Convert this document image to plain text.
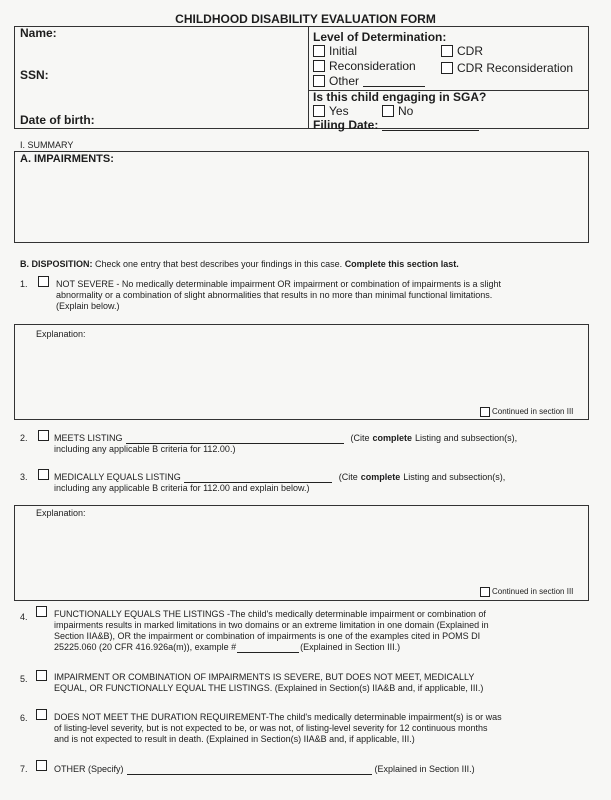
CHILDHOOD DISABILITY EVALUATION FORM
Name:
SSN:
Date of birth:
Level of Determination:
Initial	CDR
Reconsideration	CDR Reconsideration
Other
Is this child engaging in SGA?
Yes	No
Filing Date:
I. SUMMARY
A. IMPAIRMENTS:
B. DISPOSITION: Check one entry that best describes your findings in this case. Complete this section last.
1.	NOT SEVERE - No medically determinable impairment OR impairment or combination of impairments is a slight
abnormality or a combination of slight abnormalities that results in no more than minimal functional limitations.
(Explain below.)
Explanation:
Continued in section III
2.	MEETS LISTING	(Cite complete Listing and subsection(s),
including any applicable B criteria for 112.00.)
3.	MEDICALLY EQUALS LISTING	(Cite complete Listing and subsection(s),
including any applicable B criteria for 112.00 and explain below.)
Explanation:
Continued in section III
4.	FUNCTIONALLY EQUALS THE LISTINGS -The child's medically determinable impairment or combination of
impairments results in marked limitations in two domains or an extreme limitation in one domain (Explained in
Section IIA&B), OR the impairment or combination of impairments is one of the examples cited in POMS DI
25225.060 (20 CFR 416.926a(m)), example #	(Explained in Section III.)
5.	IMPAIRMENT OR COMBINATION OF IMPAIRMENTS IS SEVERE, BUT DOES NOT MEET, MEDICALLY
EQUAL, OR FUNCTIONALLY EQUAL THE LISTINGS. (Explained in Section(s) IIA&B and, if applicable, III.)
6.	DOES NOT MEET THE DURATION REQUIREMENT-The child's medically determinable impairment(s) is or was
of listing-level severity, but is not expected to be, or was not, of listing-level severity for 12 continuous months
and is not expected to result in death. (Explained in Section(s) IIA&B and, if applicable, III.)
7.	OTHER (Specify)	(Explained in Section III.)
